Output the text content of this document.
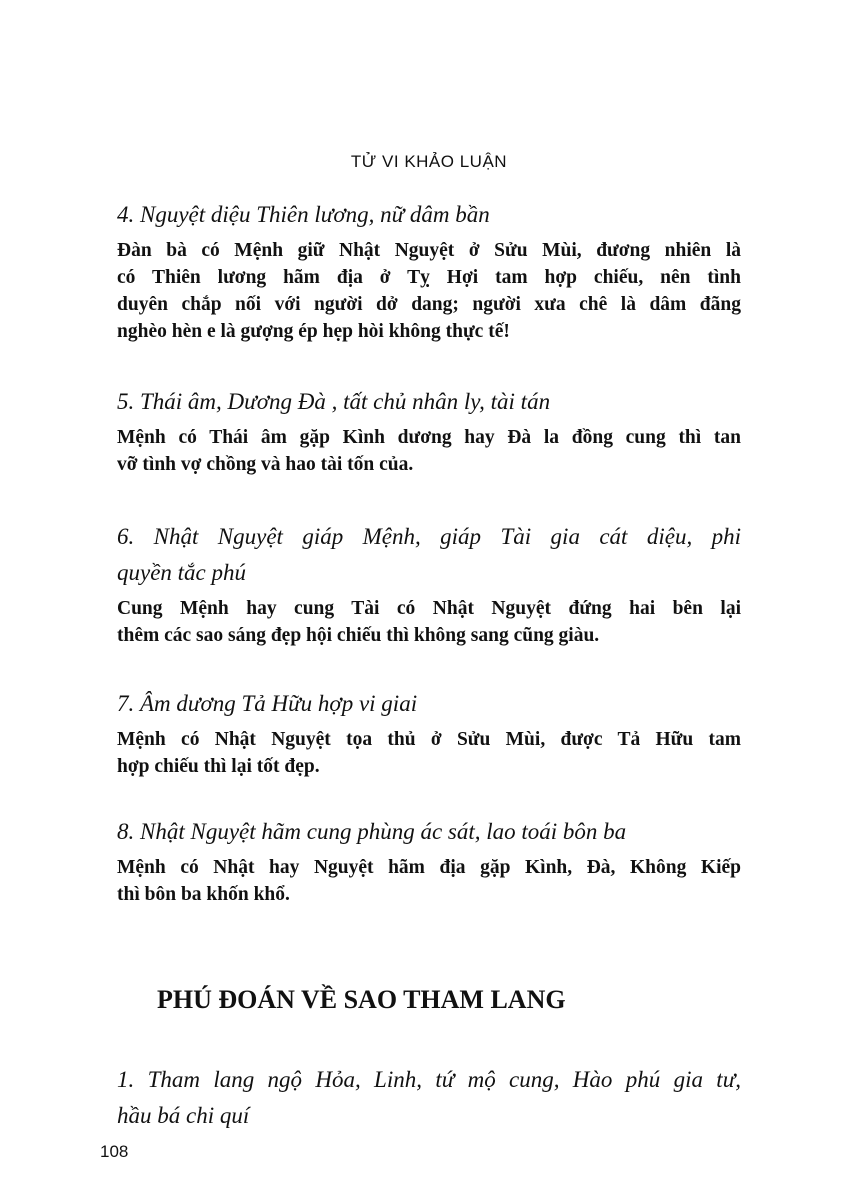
TỬ VI KHẢO LUẬN
4. Nguyệt diệu Thiên lương, nữ dâm bần
Đàn bà có Mệnh giữ Nhật Nguyệt ở Sửu Mùi, đương nhiên là
có Thiên lương hãm địa ở Tỵ Hợi tam hợp chiếu, nên tình
duyên chắp nối với người dở dang; người xưa chê là dâm đãng
nghèo hèn e là gượng ép hẹp hòi không thực tế!
5. Thái âm, Dương Đà , tất chủ nhân ly, tài tán
Mệnh có Thái âm gặp Kình dương hay Đà la đồng cung thì tan
vỡ tình vợ chồng và hao tài tốn của.
6. Nhật Nguyệt giáp Mệnh, giáp Tài gia cát diệu, phi
quyền tắc phú
Cung Mệnh hay cung Tài có Nhật Nguyệt đứng hai bên lại
thêm các sao sáng đẹp hội chiếu thì không sang cũng giàu.
7. Âm dương Tả Hữu hợp vi giai
Mệnh có Nhật Nguyệt tọa thủ ở Sửu Mùi, được Tả Hữu tam
hợp chiếu thì lại tốt đẹp.
8. Nhật Nguyệt hãm cung phùng ác sát, lao toái bôn ba
Mệnh có Nhật hay Nguyệt hãm địa gặp Kình, Đà, Không Kiếp
thì bôn ba khốn khổ.
PHÚ ĐOÁN VỀ SAO THAM LANG
1. Tham lang ngộ Hỏa, Linh, tứ mộ cung, Hào phú gia tư,
hầu bá chi quí
108
